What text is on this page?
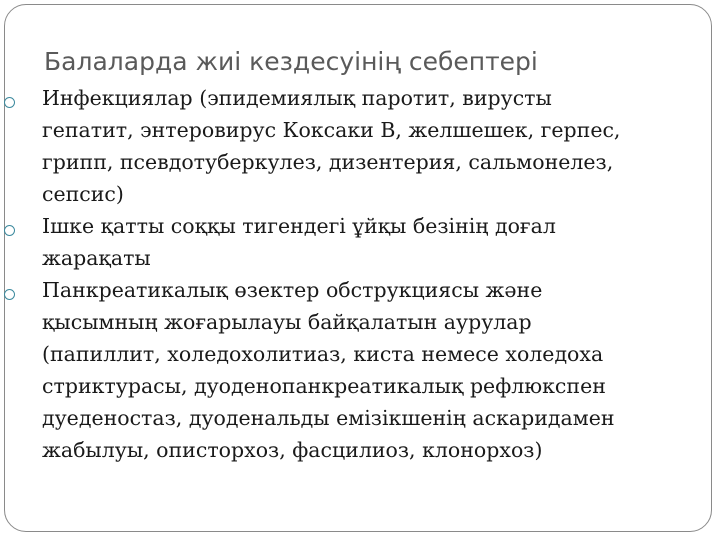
Балаларда жиі кездесуінің себептері
Инфекциялар (эпидемиялық паротит, вирусты
гепатит, энтеровирус Коксаки В, желшешек, герпес,
грипп, псевдотуберкулез, дизентерия, сальмонелез,
сепсис)
Ішке қатты соққы тигендегі ұйқы безінің доғал
жарақаты
Панкреатикалық өзектер обструкциясы және
қысымның жоғарылауы байқалатын аурулар
(папиллит, холедохолитиаз, киста немесе холедоха
стриктурасы, дуоденопанкреатикалық рефлюкспен
дуеденостаз, дуоденальды емізікшенің аскаридамен
жабылуы, описторхоз, фасцилиоз, клонорхоз)
